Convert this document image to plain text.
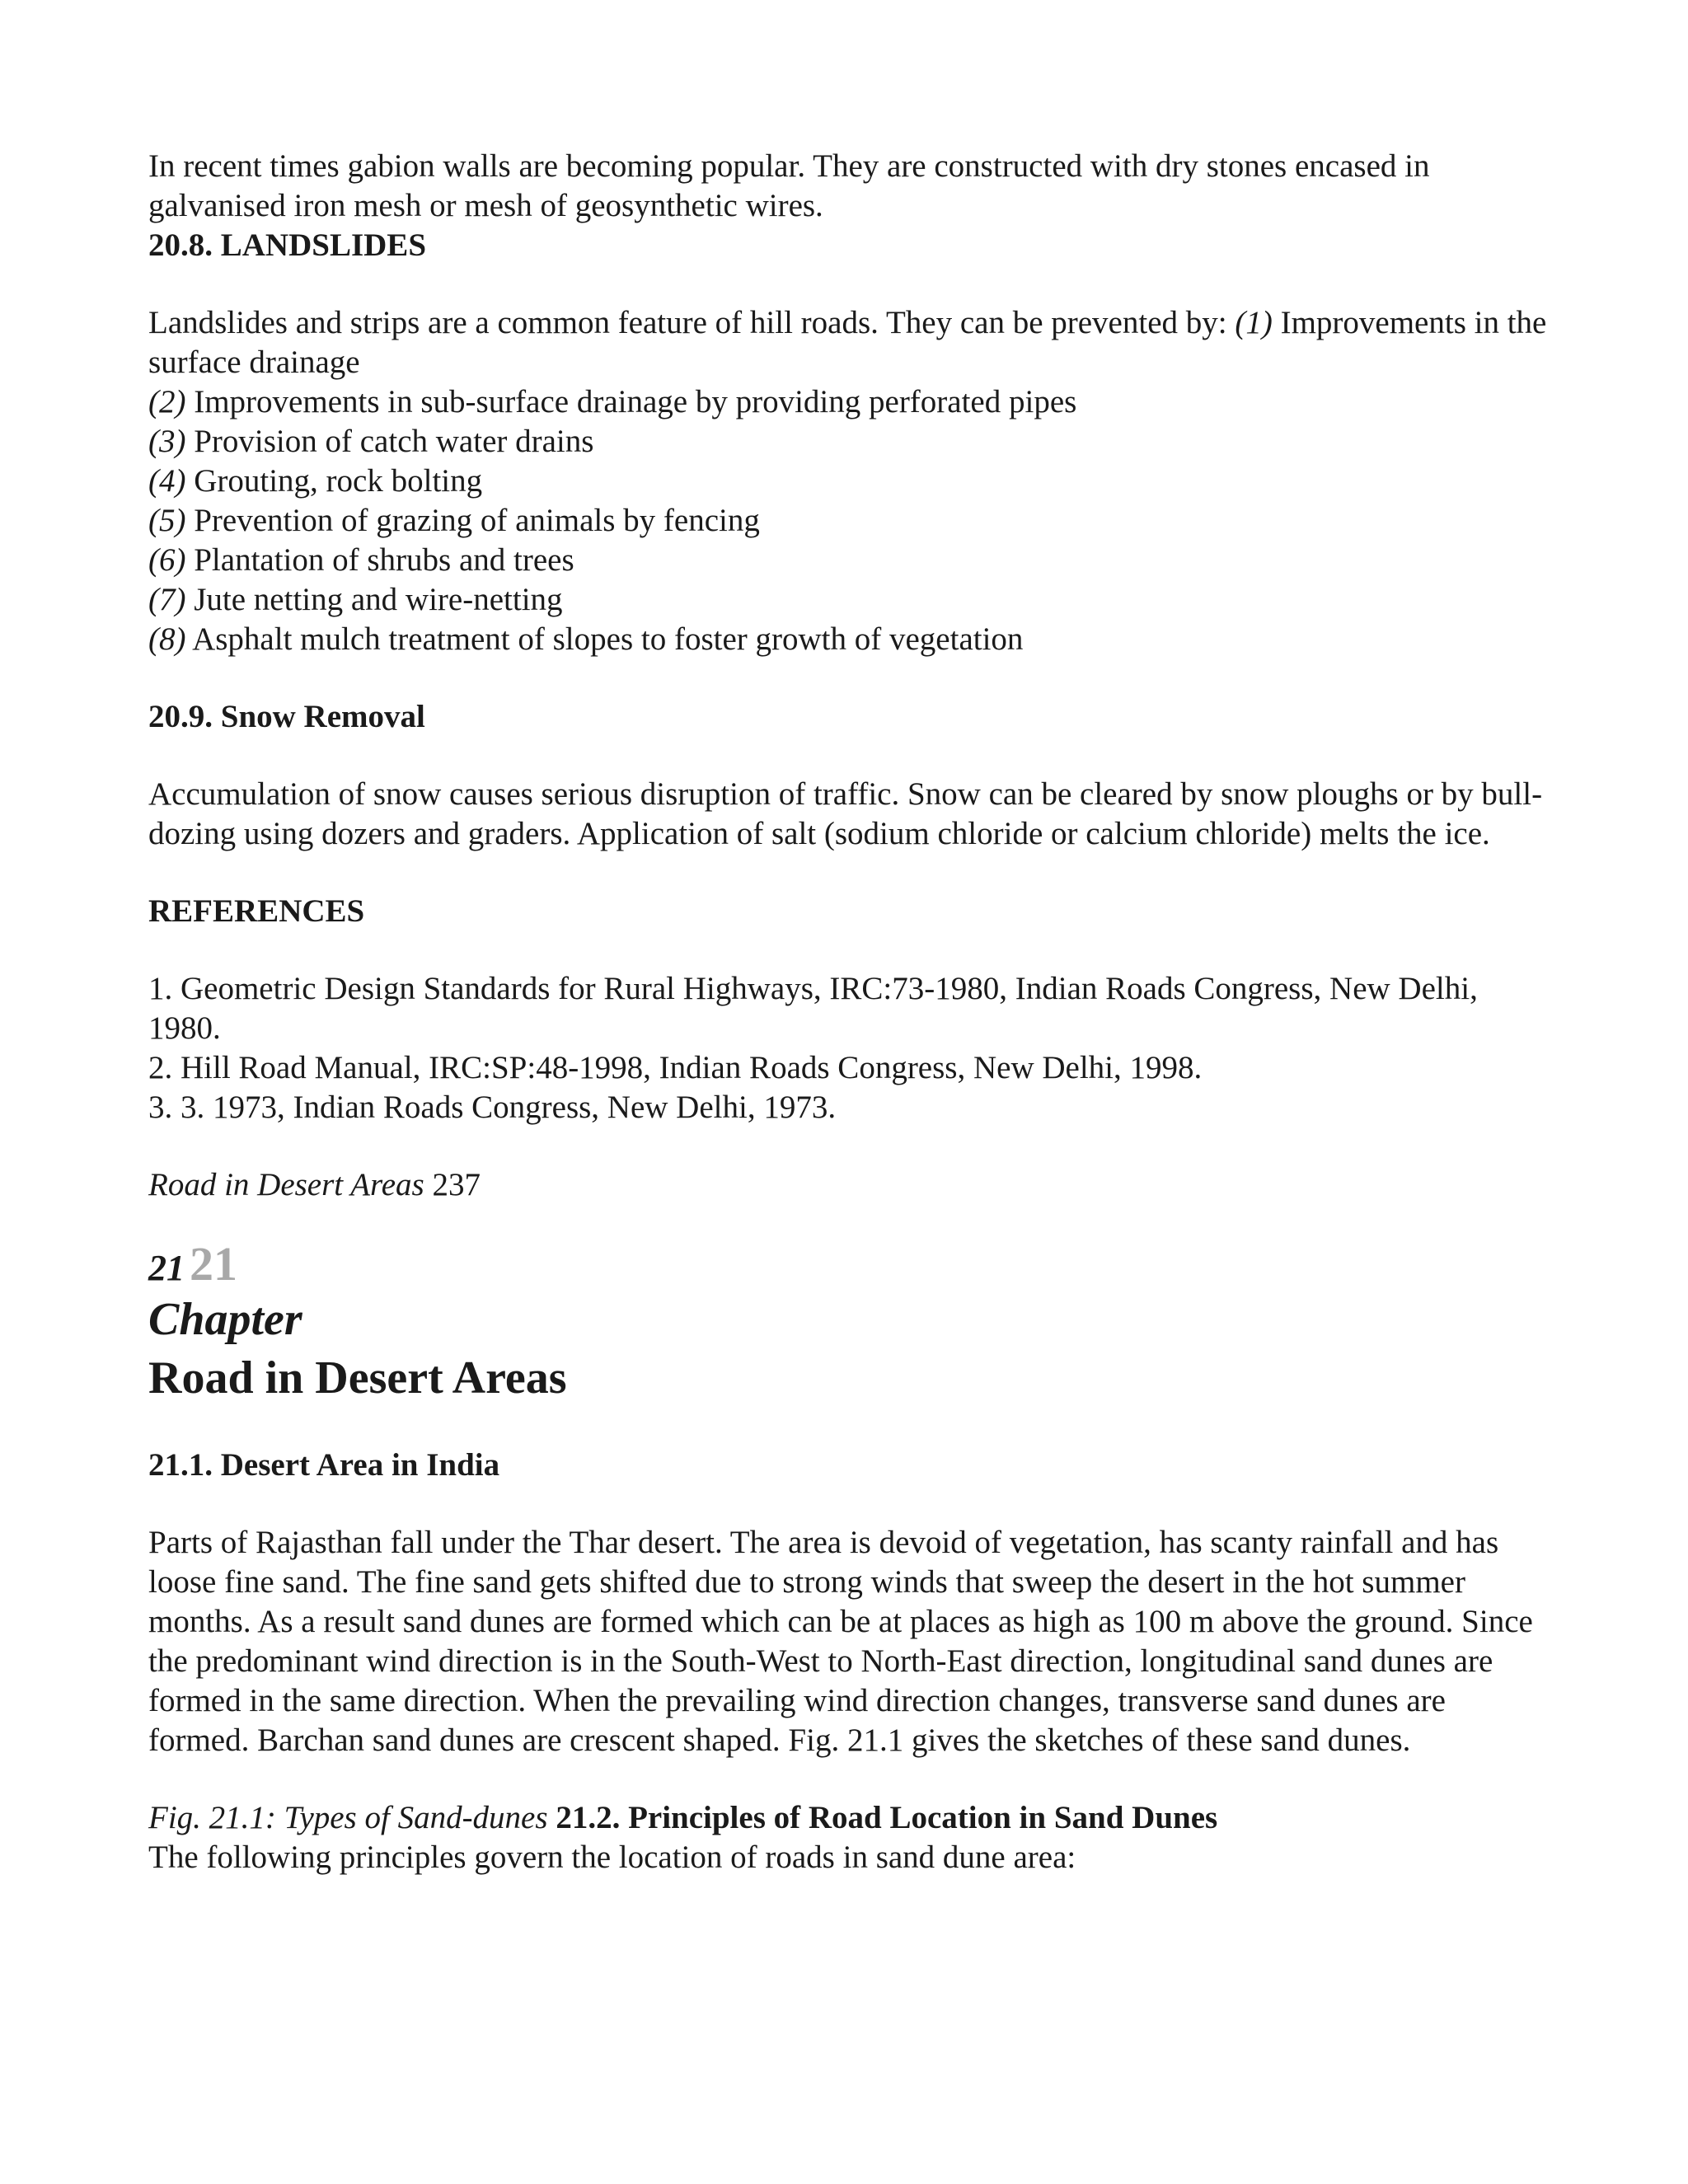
In recent times gabion walls are becoming popular. They are constructed with dry stones encased in galvanised iron mesh or mesh of geosynthetic wires.

20.8. LANDSLIDES

Landslides and strips are a common feature of hill roads. They can be prevented by: (1) Improvements in the surface drainage

(2) Improvements in sub-surface drainage by providing perforated pipes

(3) Provision of catch water drains

(4) Grouting, rock bolting

(5) Prevention of grazing of animals by fencing

(6) Plantation of shrubs and trees

(7) Jute netting and wire-netting

(8) Asphalt mulch treatment of slopes to foster growth of vegetation

20.9. Snow Removal

Accumulation of snow causes serious disruption of traffic. Snow can be cleared by snow ploughs or by bull-dozing using dozers and graders. Application of salt (sodium chloride or calcium chloride) melts the ice.

REFERENCES

1. Geometric Design Standards for Rural Highways, IRC:73-1980, Indian Roads Congress, New Delhi, 1980.

2. Hill Road Manual, IRC:SP:48-1998, Indian Roads Congress, New Delhi, 1998.

3. 3. 1973, Indian Roads Congress, New Delhi, 1973.

Road in Desert Areas 237

21 21

Chapter

Road in Desert Areas

21.1. Desert Area in India

Parts of Rajasthan fall under the Thar desert. The area is devoid of vegetation, has scanty rainfall and has loose fine sand. The fine sand gets shifted due to strong winds that sweep the desert in the hot summer months. As a result sand dunes are formed which can be at places as high as 100 m above the ground. Since the predominant wind direction is in the South-West to North-East direction, longitudinal sand dunes are formed in the same direction. When the prevailing wind direction changes, transverse sand dunes are formed. Barchan sand dunes are crescent shaped. Fig. 21.1 gives the sketches of these sand dunes.

Fig. 21.1: Types of Sand-dunes 21.2. Principles of Road Location in Sand Dunes

The following principles govern the location of roads in sand dune area:
